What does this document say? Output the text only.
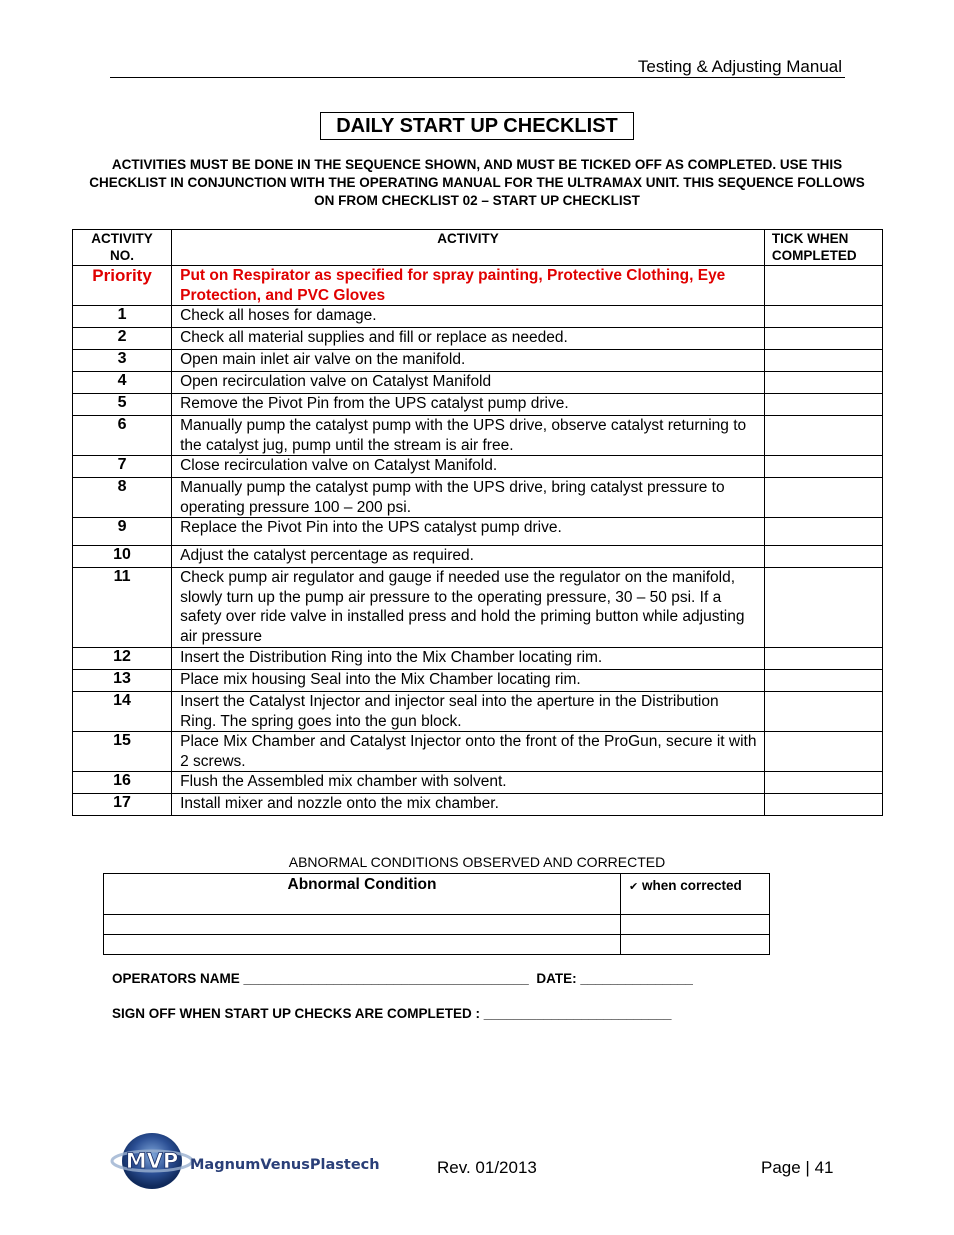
Testing & Adjusting Manual
DAILY START UP CHECKLIST
ACTIVITIES MUST BE DONE IN THE SEQUENCE SHOWN, AND MUST BE TICKED OFF AS COMPLETED. USE THIS CHECKLIST IN CONJUNCTION WITH THE OPERATING MANUAL FOR THE ULTRAMAX UNIT. THIS SEQUENCE FOLLOWS ON FROM CHECKLIST 02 – START UP CHECKLIST
ACTIVITY NO.	ACTIVITY	TICK WHEN COMPLETED
Priority	Put on Respirator as specified for spray painting, Protective Clothing, Eye Protection, and PVC Gloves	
1	Check all hoses for damage.	
2	Check all material supplies and fill or replace as needed.	
3	Open main inlet air valve on the manifold.	
4	Open recirculation valve on Catalyst Manifold	
5	Remove the Pivot Pin from the UPS catalyst pump drive.	
6	Manually pump the catalyst pump with the UPS drive, observe catalyst returning to the catalyst jug, pump until the stream is air free.	
7	Close recirculation valve on Catalyst Manifold.	
8	Manually pump the catalyst pump with the UPS drive, bring catalyst pressure to operating pressure 100 – 200 psi.	
9	Replace the Pivot Pin into the UPS catalyst pump drive.	
10	Adjust the catalyst percentage as required.	
11	Check pump air regulator and gauge if needed use the regulator on the manifold, slowly turn up the pump air pressure to the operating pressure, 30 – 50 psi. If a safety over ride valve in installed press and hold the priming button while adjusting air pressure	
12	Insert the Distribution Ring into the Mix Chamber locating rim.	
13	Place mix housing Seal into the Mix Chamber locating rim.	
14	Insert the Catalyst Injector and injector seal into the aperture in the Distribution Ring. The spring goes into the gun block.	
15	Place Mix Chamber and Catalyst Injector onto the front of the ProGun, secure it with 2 screws.	
16	Flush the Assembled mix chamber with solvent.	
17	Install mixer and nozzle onto the mix chamber.	
ABNORMAL CONDITIONS OBSERVED AND CORRECTED
Abnormal Condition	✔ when corrected

OPERATORS NAME ______________________________________  DATE: _______________
SIGN OFF WHEN START UP CHECKS ARE COMPLETED : _________________________
MVP MagnumVenusPlastech	Rev. 01/2013	Page | 41
